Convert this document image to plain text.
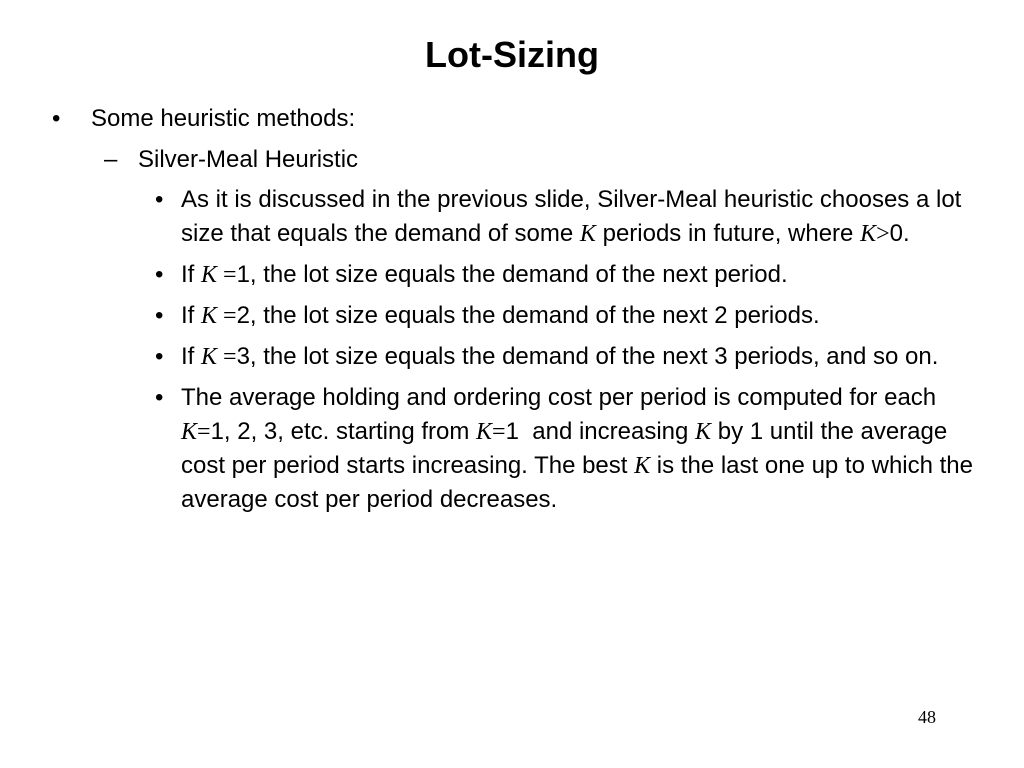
Lot-Sizing
•	Some heuristic methods:
– Silver-Meal Heuristic
• As it is discussed in the previous slide, Silver-Meal heuristic chooses a lot size that equals the demand of some K periods in future, where K>0.
• If K =1, the lot size equals the demand of the next period.
• If K =2, the lot size equals the demand of the next 2 periods.
• If K =3, the lot size equals the demand of the next 3 periods, and so on.
• The average holding and ordering cost per period is computed for each K=1, 2, 3, etc. starting from K=1  and increasing K by 1 until the average cost per period starts increasing. The best K is the last one up to which the average cost per period decreases.
48
